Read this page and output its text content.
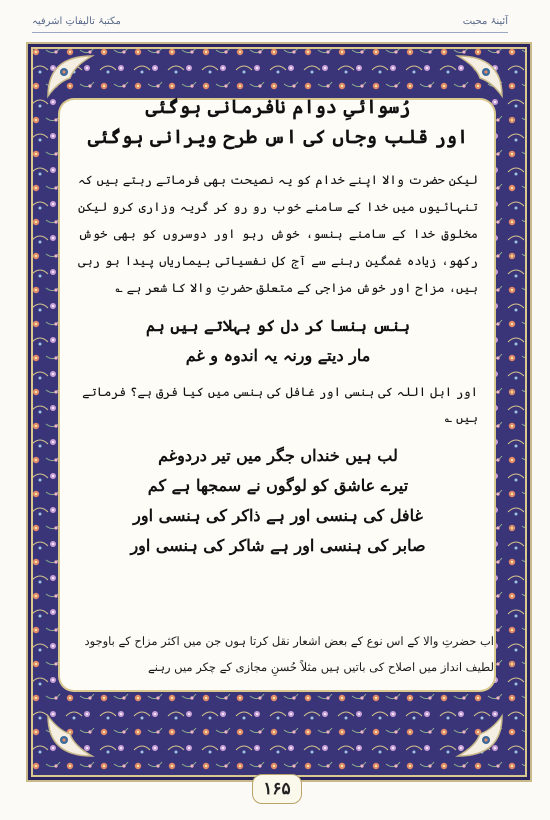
مکتبۂ تالیفاتِ اشرفیہ	آئینۂ محبت
رُسوائیِ دوام نافرمانی ہوگئی
اور قلب وجاں کی اس طرح ویرانی ہوگئی
لیکن حضرت والا اپنے خدام کو یہ نصیحت بھی فرماتے رہتے ہیں کہ تنہائیوں میں خدا کے سامنے خوب رو رو کر گریہ وزاری کرو لیکن مخلوقِ خدا کے سامنے ہنسو، خوش رہو اور دوسروں کو بھی خوش رکھو، زیادہ غمگین رہنے سے آج کل نفسیاتی بیماریاں پیدا ہو رہی ہیں، مزاح اور خوش مزاجی کے متعلق حضرتِ والا کا شعر ہے ؎
ہنس ہنسا کر دل کو بہلاتے ہیں ہم
مار دیتے ورنہ یہ اندوہ و غم
اور اہل اللہ کی ہنسی اور غافل کی ہنسی میں کیا فرق ہے؟ فرماتے ہیں ؎
لب ہیں خنداں جگر میں تیر دردوغم
تیرے عاشق کو لوگوں نے سمجھا ہے کم
غافل کی ہنسی اور ہے ذاکر کی ہنسی اور
صابر کی ہنسی اور ہے شاکر کی ہنسی اور
اب حضرتِ والا کے اس نوع کے بعض اشعار نقل کرتا ہوں جن میں اکثر مزاح کے باوجود لطیف انداز میں اصلاح کی باتیں ہیں مثلاً حُسنِ مجازی کے چکر میں رہنے
۱۶۵
